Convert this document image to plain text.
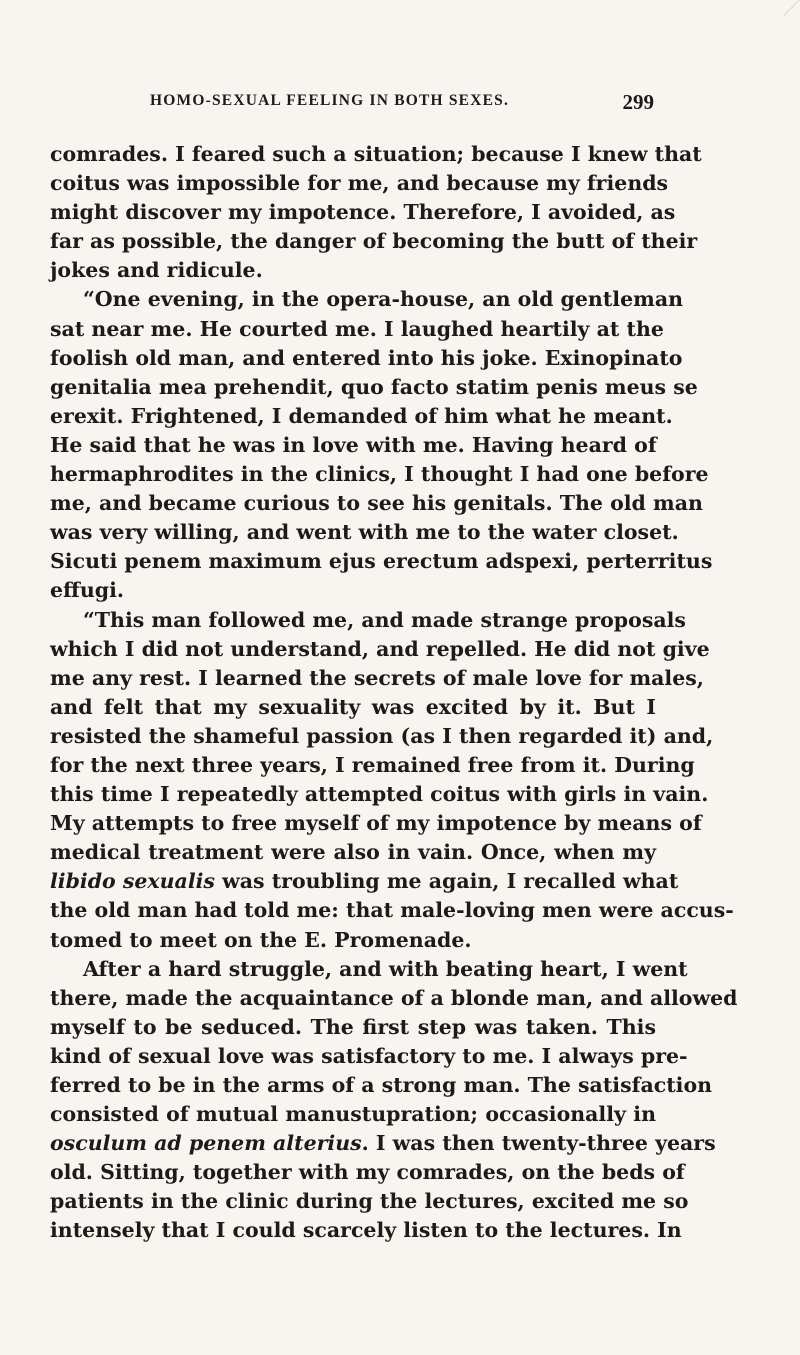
HOMO-SEXUAL FEELING IN BOTH SEXES.	299
comrades. I feared such a situation; because I knew that
coitus was impossible for me, and because my friends
might discover my impotence. Therefore, I avoided, as
far as possible, the danger of becoming the butt of their
jokes and ridicule.
“One evening, in the opera-house, an old gentleman
sat near me. He courted me. I laughed heartily at the
foolish old man, and entered into his joke. Exinopinato
genitalia mea prehendit, quo facto statim penis meus se
erexit. Frightened, I demanded of him what he meant.
He said that he was in love with me. Having heard of
hermaphrodites in the clinics, I thought I had one before
me, and became curious to see his genitals. The old man
was very willing, and went with me to the water closet.
Sicuti penem maximum ejus erectum adspexi, perterritus
effugi.
“This man followed me, and made strange proposals
which I did not understand, and repelled. He did not give
me any rest. I learned the secrets of male love for males,
and felt that my sexuality was excited by it. But I
resisted the shameful passion (as I then regarded it) and,
for the next three years, I remained free from it. During
this time I repeatedly attempted coitus with girls in vain.
My attempts to free myself of my impotence by means of
medical treatment were also in vain. Once, when my
libido sexualis was troubling me again, I recalled what
the old man had told me: that male-loving men were accus-
tomed to meet on the E. Promenade.
After a hard struggle, and with beating heart, I went
there, made the acquaintance of a blonde man, and allowed
myself to be seduced. The first step was taken. This
kind of sexual love was satisfactory to me. I always pre-
ferred to be in the arms of a strong man. The satisfaction
consisted of mutual manustupration; occasionally in
osculum ad penem alterius. I was then twenty-three years
old. Sitting, together with my comrades, on the beds of
patients in the clinic during the lectures, excited me so
intensely that I could scarcely listen to the lectures. In
